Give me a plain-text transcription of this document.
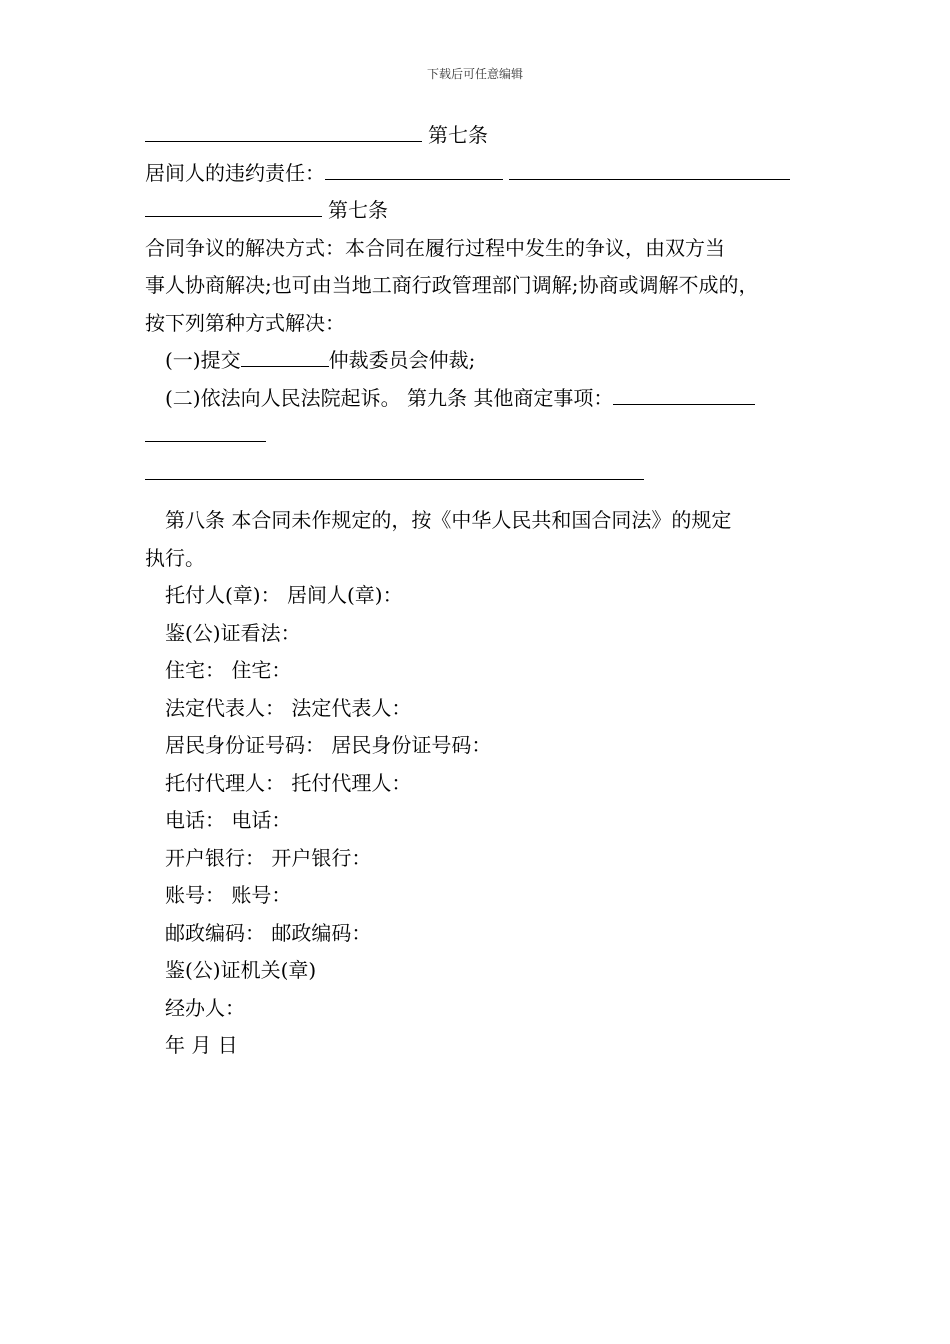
下载后可任意编辑
第七条
居间人的违约责任：
第七条
合同争议的解决方式：本合同在履行过程中发生的争议，由双方当
事人协商解决;也可由当地工商行政管理部门调解;协商或调解不成的，
按下列第种方式解决：
(一)提交	仲裁委员会仲裁;
(二)依法向人民法院起诉。 第九条 其他商定事项：
第八条 本合同未作规定的，按《中华人民共和国合同法》的规定
执行。
托付人(章)： 居间人(章)：
鉴(公)证看法：
住宅： 住宅：
法定代表人： 法定代表人：
居民身份证号码： 居民身份证号码：
托付代理人： 托付代理人：
电话： 电话：
开户银行： 开户银行：
账号： 账号：
邮政编码： 邮政编码：
鉴(公)证机关(章)
经办人：
年 月 日
